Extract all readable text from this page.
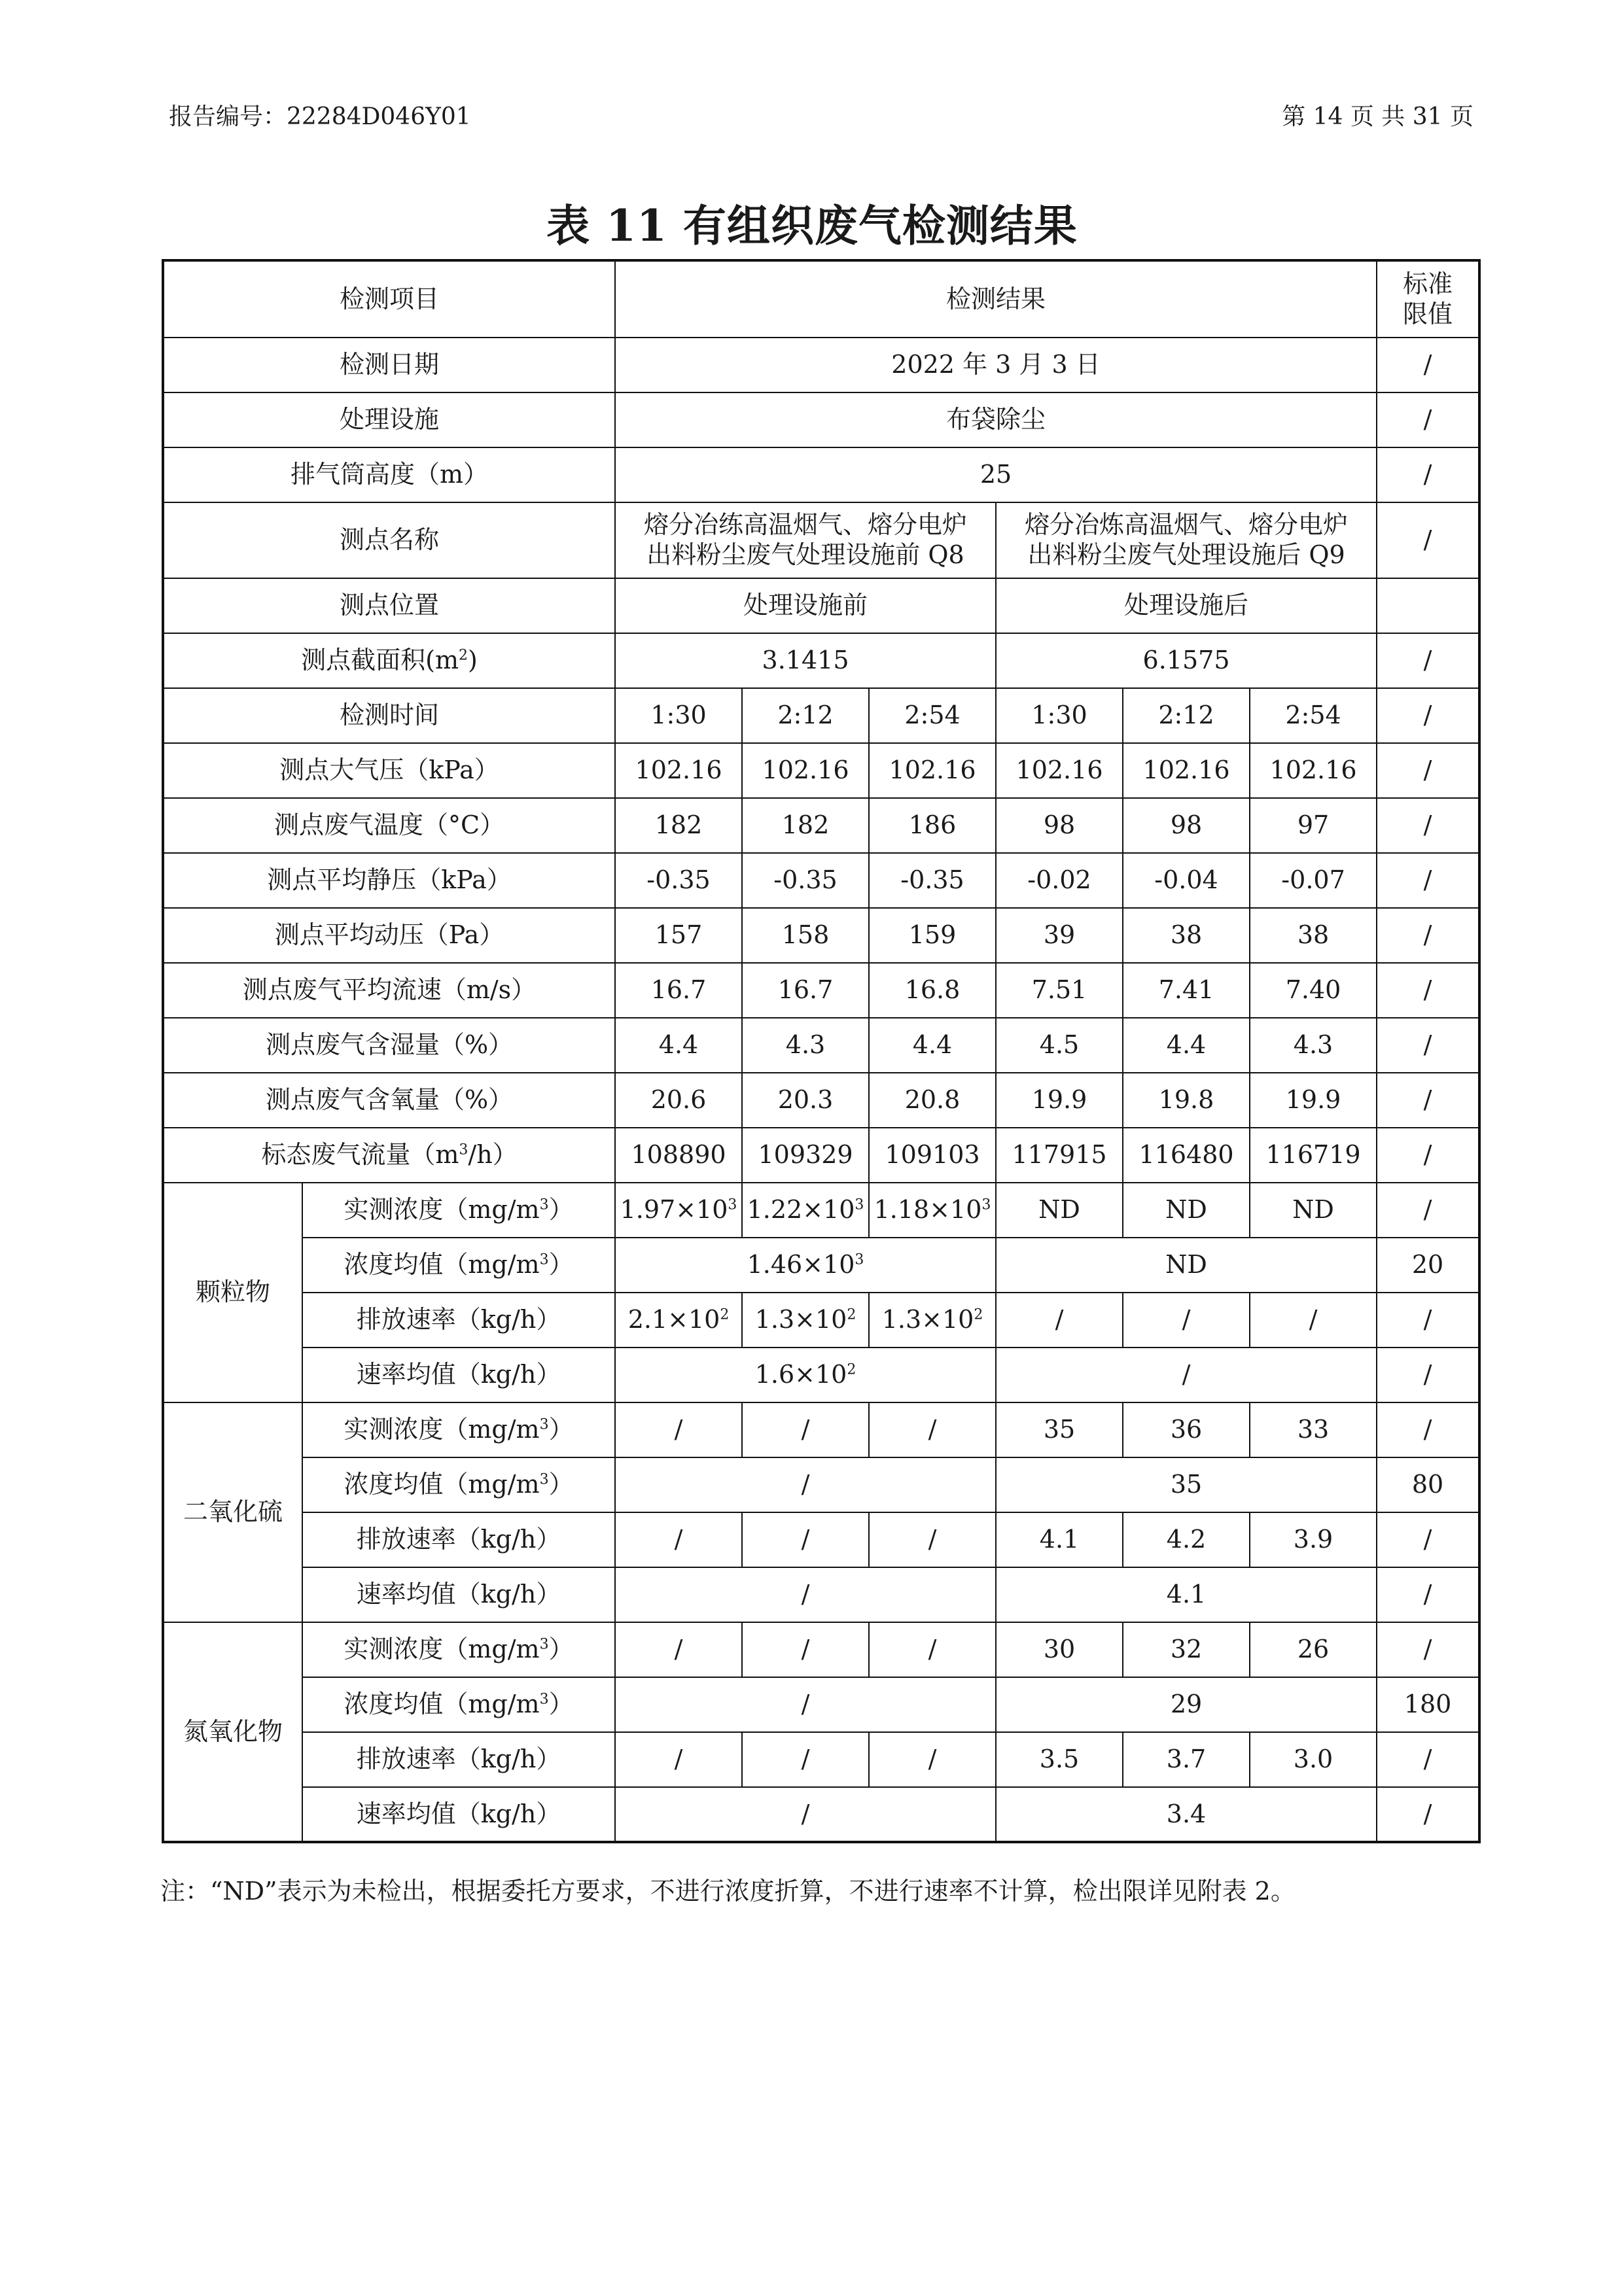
报告编号：22284D046Y01	第 14 页 共 31 页
表 11 有组织废气检测结果
检测项目		检测结果						标准
限值
检测日期		2022 年 3 月 3 日						/
处理设施		布袋除尘						/
排气筒高度（m）		25						/
测点名称		熔分冶练高温烟气、熔分电炉
出料粉尘废气处理设施前 Q8			熔分冶炼高温烟气、熔分电炉
出料粉尘废气处理设施后 Q9			/
测点位置		处理设施前			处理设施后			
测点截面积$(m^2)$		3.1415			6.1575			/
检测时间		1:30	2:12	2:54	1:30	2:12	2:54	/
测点大气压（kPa）		102.16	102.16	102.16	102.16	102.16	102.16	/
测点废气温度（°C）		182	182	186	98	98	97	/
测点平均静压（kPa）		-0.35	-0.35	-0.35	-0.02	-0.04	-0.07	/
测点平均动压（Pa）		157	158	159	39	38	38	/
测点废气平均流速（m/s）		16.7	16.7	16.8	7.51	7.41	7.40	/
测点废气含湿量（%）		4.4	4.3	4.4	4.5	4.4	4.3	/
测点废气含氧量（%）		20.6	20.3	20.8	19.9	19.8	19.9	/
标态废气流量$(m^3/h)$		108890	109329	109103	117915	116480	116719	/
颗粒物	实测浓度$(mg/m^3)$	$1.97\times 10^3$	$1.22\times 10^3$	$1.18\times 10^3$	ND	ND	ND	/
	浓度均值$(mg/m^3)$	$1.46\times 10^3$			ND			20
	排放速率（kg/h）	$2.1\times 10^2$	$1.3\times 10^2$	$1.3\times 10^2$	/	/	/	/
	速率均值（kg/h）	$1.6\times 10^2$			/			/
二氧化硫	实测浓度$(mg/m^3)$	/	/	/	35	36	33	/
	浓度均值$(mg/m^3)$	/			35			80
	排放速率（kg/h）	/	/	/	4.1	4.2	3.9	/
	速率均值（kg/h）	/			4.1			/
氮氧化物	实测浓度$(mg/m^3)$	/	/	/	30	32	26	/
	浓度均值$(mg/m^3)$	/			29			180
	排放速率（kg/h）	/	/	/	3.5	3.7	3.0	/
	速率均值（kg/h）	/			3.4			/
注：“ND”表示为未检出，根据委托方要求，不进行浓度折算，不进行速率不计算，检出限详见附表 2。
